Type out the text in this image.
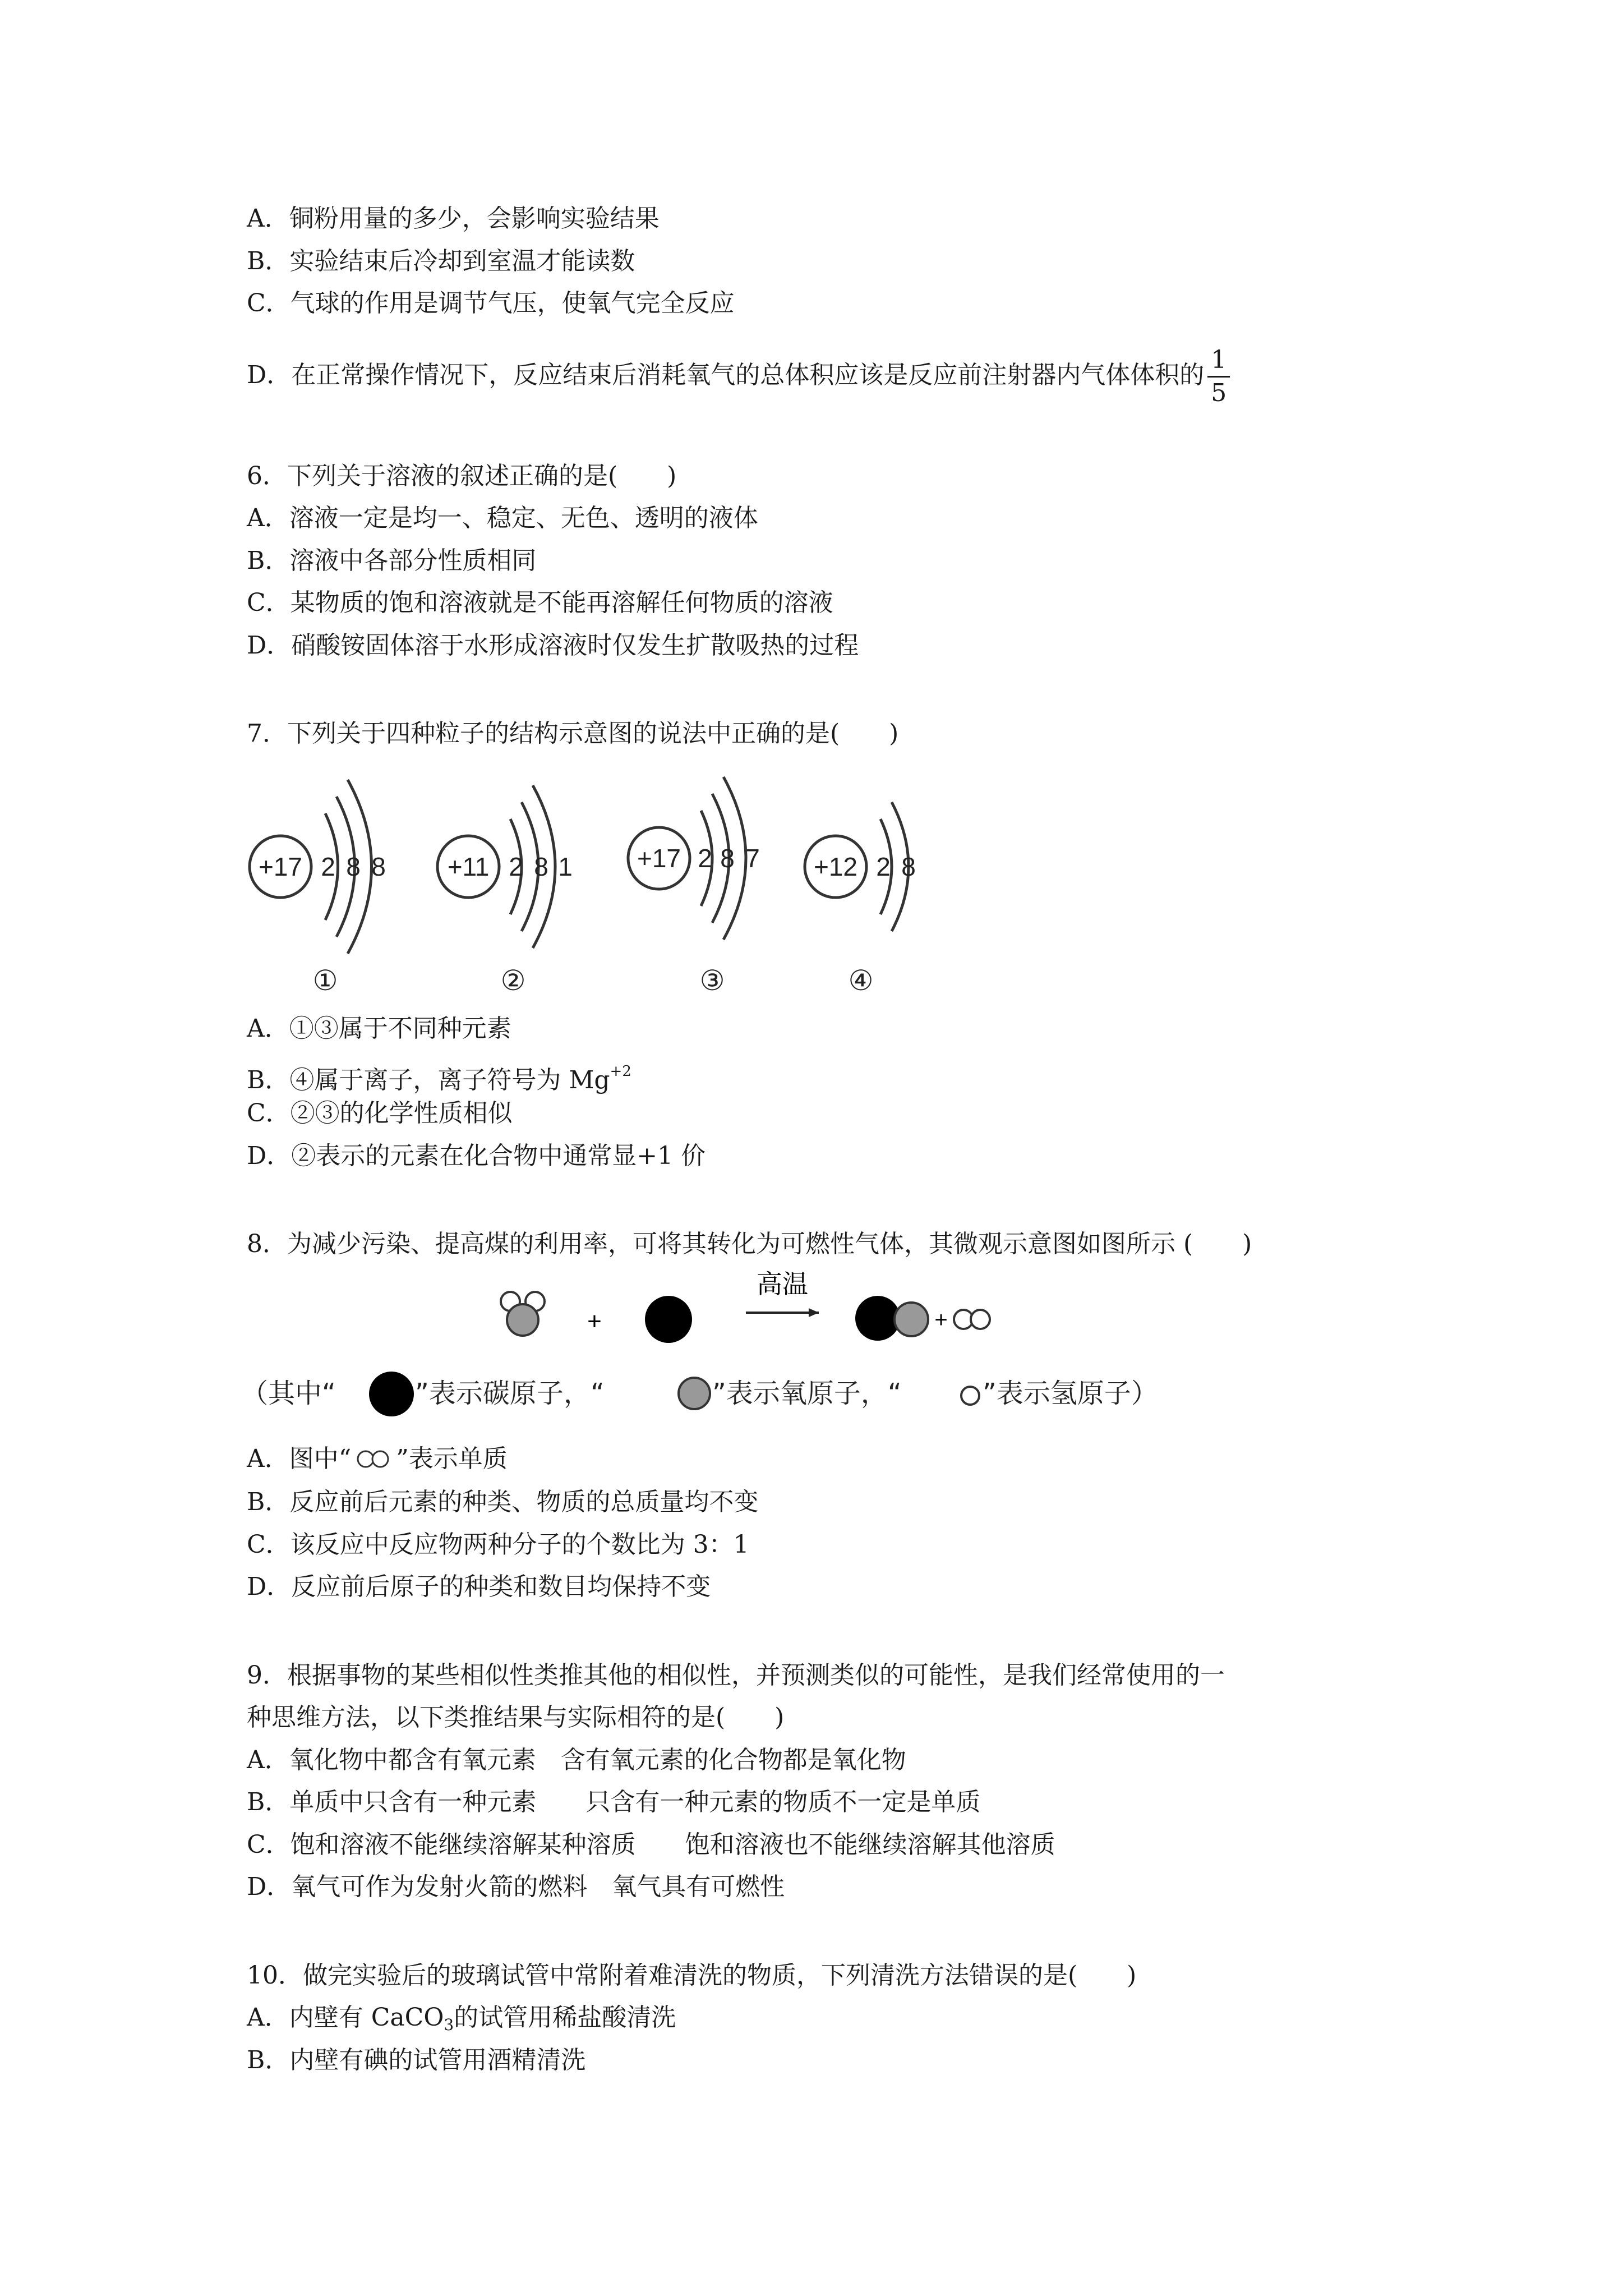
A．铜粉用量的多少，会影响实验结果
B．实验结束后冷却到室温才能读数
C．气球的作用是调节气压，使氧气完全反应
D．在正常操作情况下，反应结束后消耗氧气的总体积应该是反应前注射器内气体体积的 $\frac{1}{5}$
6．下列关于溶液的叙述正确的是(　　)
A．溶液一定是均一、稳定、无色、透明的液体
B．溶液中各部分性质相同
C．某物质的饱和溶液就是不能再溶解任何物质的溶液
D．硝酸铵固体溶于水形成溶液时仅发生扩散吸热的过程
7．下列关于四种粒子的结构示意图的说法中正确的是(　　)
+17 2 8 8 +11 2 8 1	+17 2 8 7 +12 2 8
①	②	③	④
A．①③属于不同种元素
B．④属于离子，离子符号为 $Mg^{+2}$
C．②③的化学性质相似
D．②表示的元素在化合物中通常显+1 价
8．为减少污染、提高煤的利用率，可将其转化为可燃性气体，其微观示意图如图所示 (　　)
+
高温
+
（其中“	”表示碳原子，“	”表示氧原子，“	”表示氢原子）
A．图中“ ”表示单质
B．反应前后元素的种类、物质的总质量均不变
C．该反应中反应物两种分子的个数比为 3：1
D．反应前后原子的种类和数目均保持不变
9．根据事物的某些相似性类推其他的相似性，并预测类似的可能性，是我们经常使用的一
种思维方法，以下类推结果与实际相符的是(　　)
A．氧化物中都含有氧元素　含有氧元素的化合物都是氧化物
B．单质中只含有一种元素　　只含有一种元素的物质不一定是单质
C．饱和溶液不能继续溶解某种溶质　　饱和溶液也不能继续溶解其他溶质
D．氧气可作为发射火箭的燃料　氧气具有可燃性
10．做完实验后的玻璃试管中常附着难清洗的物质，下列清洗方法错误的是(　　)
A．内壁有 CaCO$_3$的试管用稀盐酸清洗
B．内壁有碘的试管用酒精清洗
